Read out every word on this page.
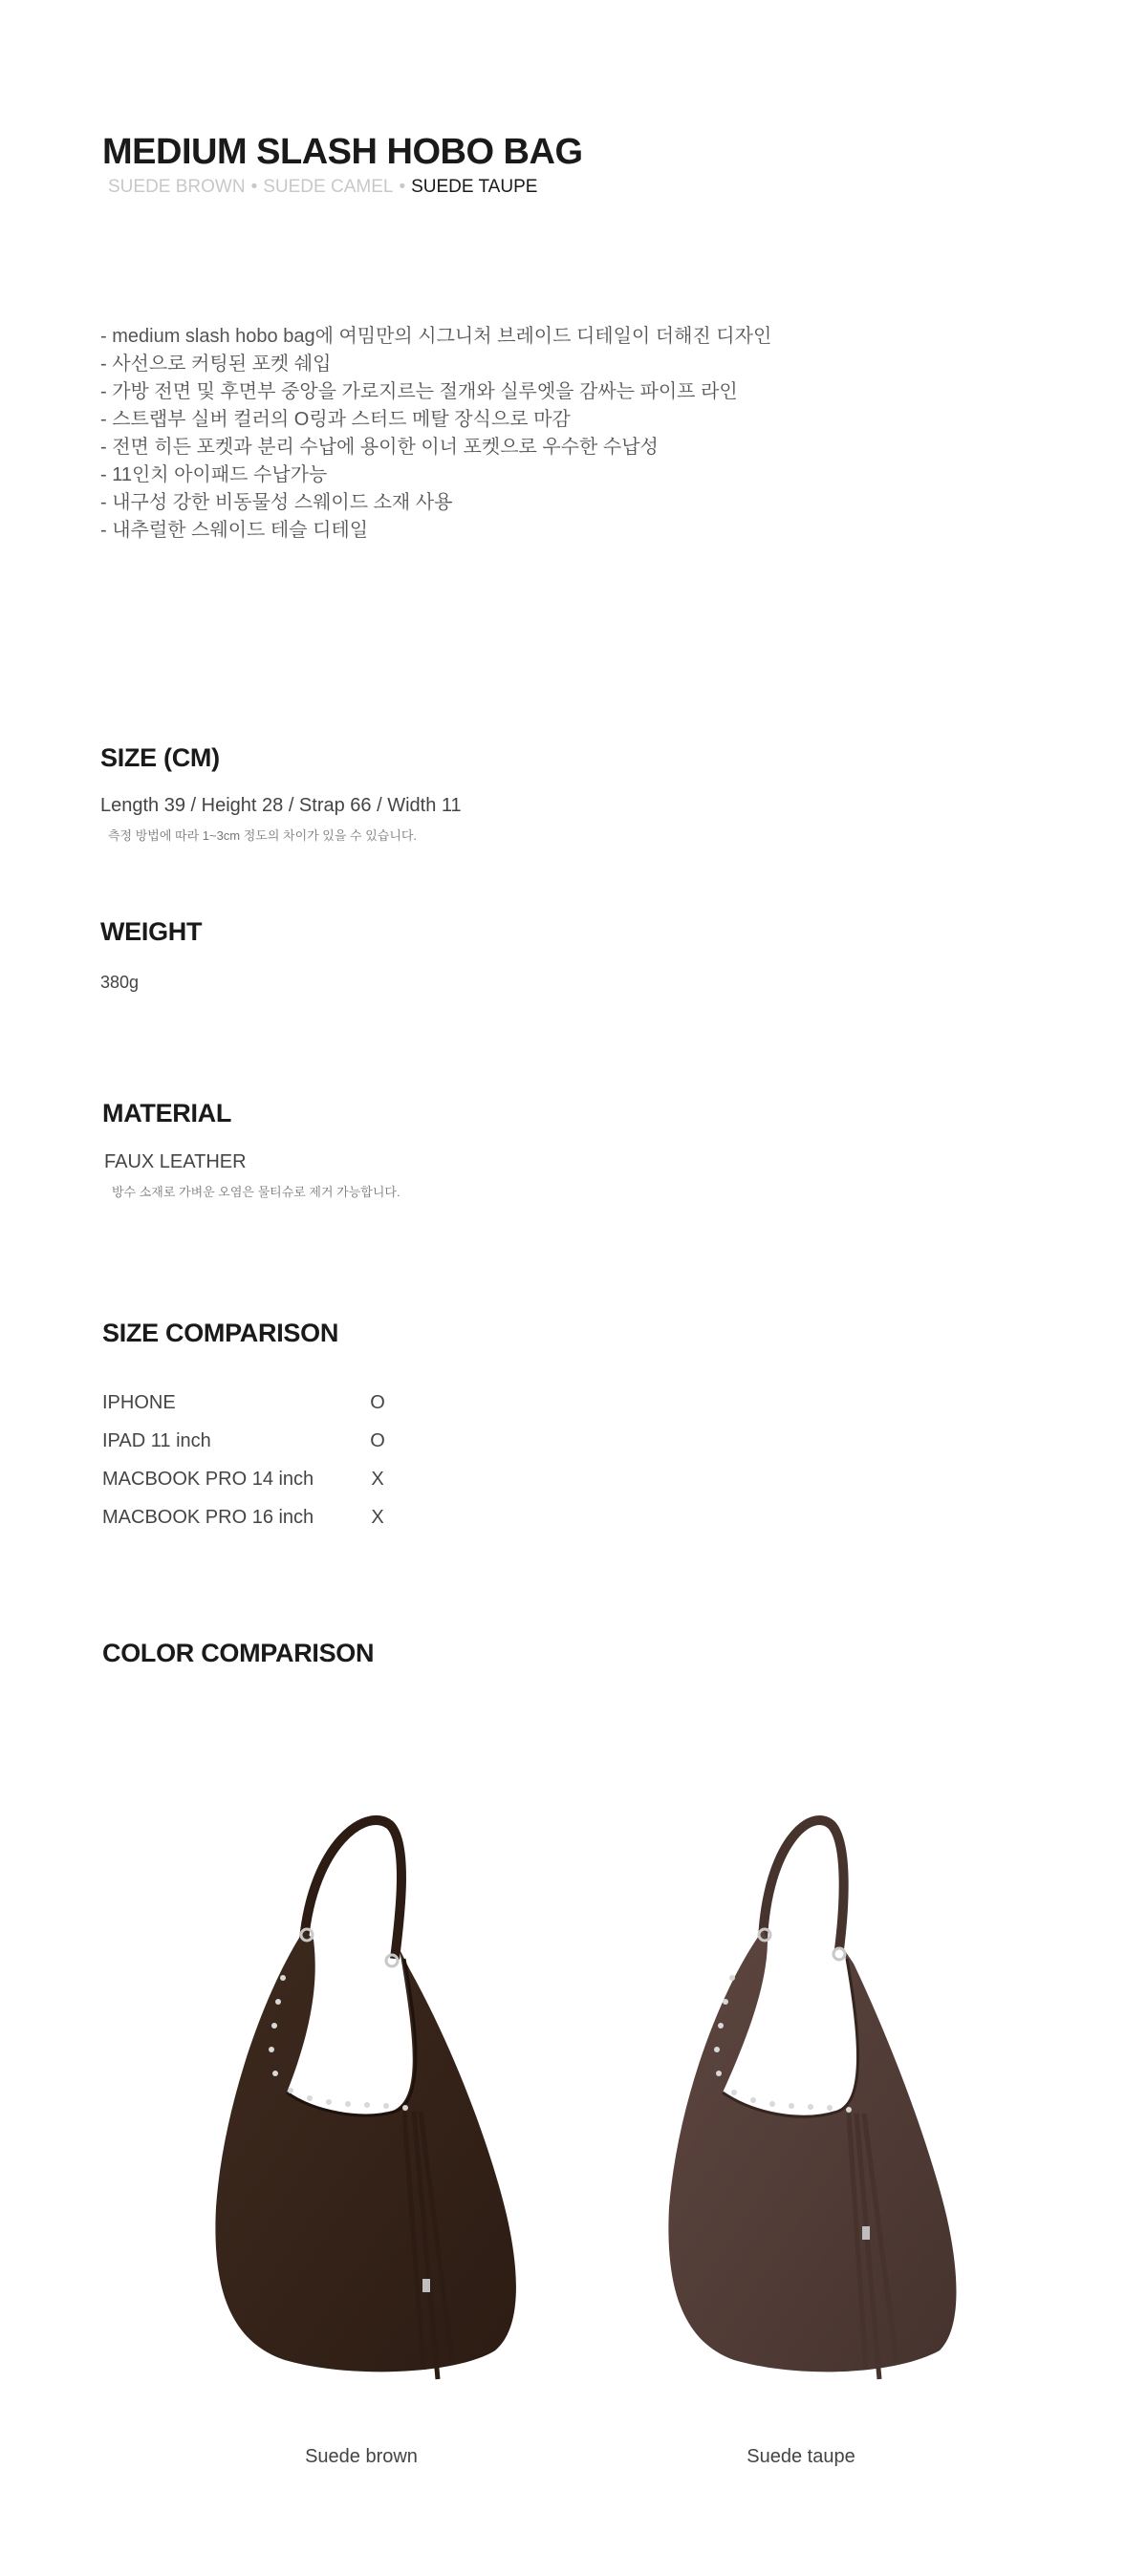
MEDIUM SLASH HOBO BAG
SUEDE BROWN • SUEDE CAMEL • SUEDE TAUPE
- medium slash hobo bag에 여밈만의 시그니처 브레이드 디테일이 더해진 디자인
- 사선으로 커팅된 포켓 쉐입
- 가방 전면 및 후면부 중앙을 가로지르는 절개와 실루엣을 감싸는 파이프 라인
- 스트랩부 실버 컬러의 O링과 스터드 메탈 장식으로 마감
- 전면 히든 포켓과 분리 수납에 용이한 이너 포켓으로 우수한 수납성
- 11인치 아이패드 수납가능
- 내구성 강한 비동물성 스웨이드 소재 사용
- 내추럴한 스웨이드 테슬 디테일
SIZE (CM)
Length 39 / Height 28 / Strap 66 / Width 11
측정 방법에 따라 1~3cm 정도의 차이가 있을 수 있습니다.
WEIGHT
380g
MATERIAL
FAUX LEATHER
방수 소재로 가벼운 오염은 물티슈로 제거 가능합니다.
SIZE COMPARISON
IPHONE	O
IPAD 11 inch	O
MACBOOK PRO 14 inch	X
MACBOOK PRO 16 inch	X
COLOR COMPARISON
Suede brown	Suede taupe
